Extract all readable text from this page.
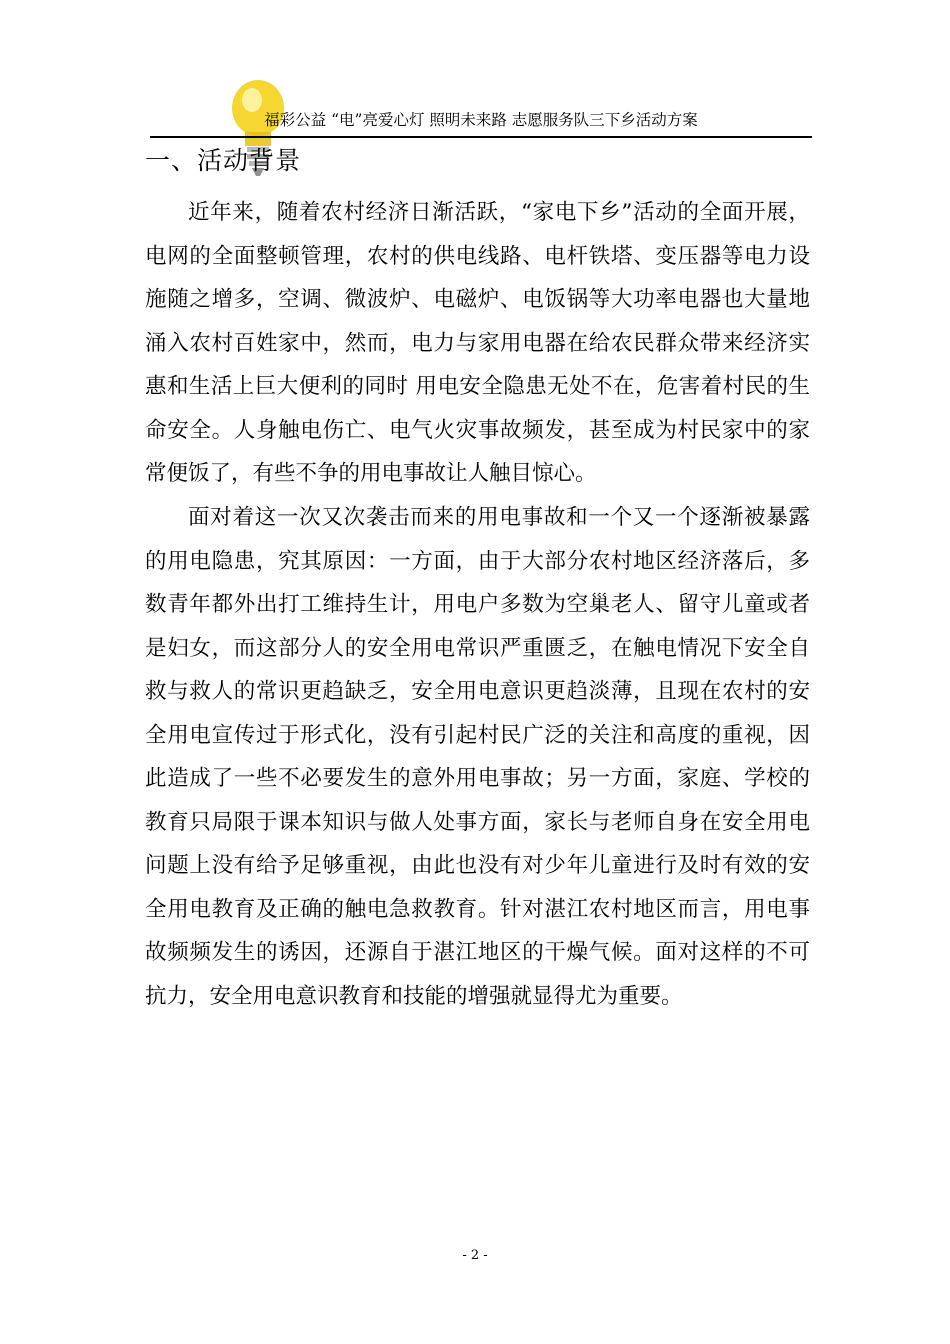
福彩公益 “电”亮爱心灯 照明未来路 志愿服务队三下乡活动方案
一、活动背景

近年来，随着农村经济日渐活跃，“家电下乡”活动的全面开展，电网的全面整顿管理，农村的供电线路、电杆铁塔、变压器等电力设施随之增多，空调、微波炉、电磁炉、电饭锅等大功率电器也大量地涌入农村百姓家中，然而，电力与家用电器在给农民群众带来经济实惠和生活上巨大便利的同时 用电安全隐患无处不在，危害着村民的生命安全。人身触电伤亡、电气火灾事故频发，甚至成为村民家中的家常便饭了，有些不争的用电事故让人触目惊心。

面对着这一次又次袭击而来的用电事故和一个又一个逐渐被暴露的用电隐患，究其原因：一方面，由于大部分农村地区经济落后，多数青年都外出打工维持生计，用电户多数为空巢老人、留守儿童或者是妇女，而这部分人的安全用电常识严重匮乏，在触电情况下安全自救与救人的常识更趋缺乏，安全用电意识更趋淡薄，且现在农村的安全用电宣传过于形式化，没有引起村民广泛的关注和高度的重视，因此造成了一些不必要发生的意外用电事故；另一方面，家庭、学校的教育只局限于课本知识与做人处事方面，家长与老师自身在安全用电问题上没有给予足够重视，由此也没有对少年儿童进行及时有效的安全用电教育及正确的触电急救教育。针对湛江农村地区而言，用电事故频频发生的诱因，还源自于湛江地区的干燥气候。面对这样的不可抗力，安全用电意识教育和技能的增强就显得尤为重要。

- 2 -
